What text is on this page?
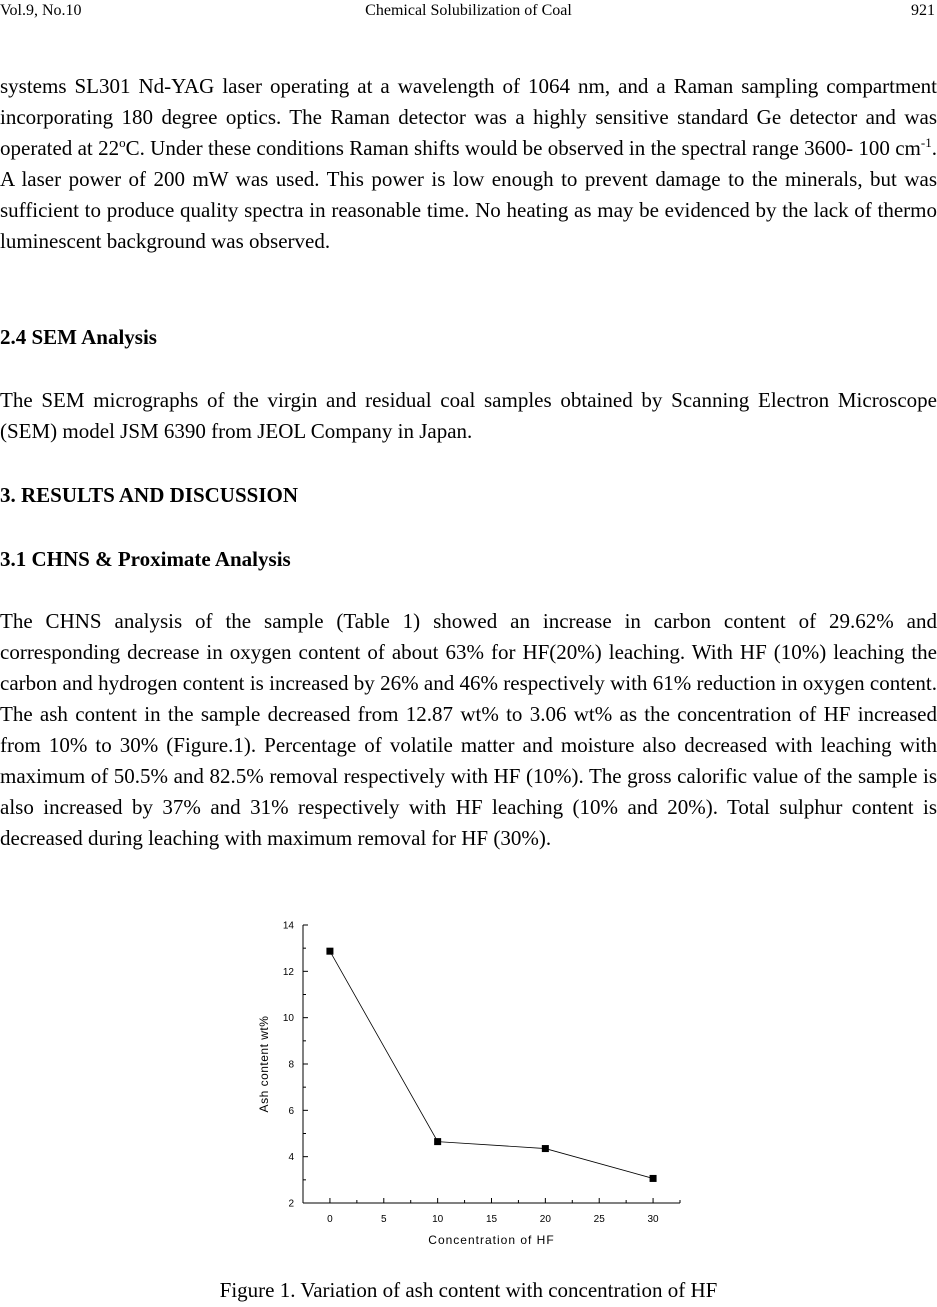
Vol.9, No.10	Chemical Solubilization of Coal	921

systems SL301 Nd-YAG laser operating at a wavelength of 1064 nm, and a Raman sampling compartment incorporating 180 degree optics. The Raman detector was a highly sensitive standard Ge detector and was operated at 22$^o$C. Under these conditions Raman shifts would be observed in the spectral range 3600- 100 $cm^{-1}$. A laser power of 200 mW was used. This power is low enough to prevent damage to the minerals, but was sufficient to produce quality spectra in reasonable time. No heating as may be evidenced by the lack of thermo luminescent background was observed.

2.4 SEM Analysis

The SEM micrographs of the virgin and residual coal samples obtained by Scanning Electron Microscope (SEM) model JSM 6390 from JEOL Company in Japan.

3. RESULTS AND DISCUSSION
3.1 CHNS & Proximate Analysis

The CHNS analysis of the sample (Table 1) showed an increase in carbon content of 29.62% and corresponding decrease in oxygen content of about 63% for HF(20%) leaching. With HF (10%) leaching the carbon and hydrogen content is increased by 26% and 46% respectively with 61% reduction in oxygen content. The ash content in the sample decreased from 12.87 wt% to 3.06 wt% as the concentration of HF increased from 10% to 30% (Figure.1). Percentage of volatile matter and moisture also decreased with leaching with maximum of 50.5% and 82.5% removal respectively with HF (10%). The gross calorific value of the sample is also increased by 37% and 31% respectively with HF leaching (10% and 20%). Total sulphur content is decreased during leaching with maximum removal for HF (30%).

2
4
6
8
10
12
14
0	5	10	15	20	25	30
Concentration of HF
Ash content wt%
Figure 1. Variation of ash content with concentration of HF
